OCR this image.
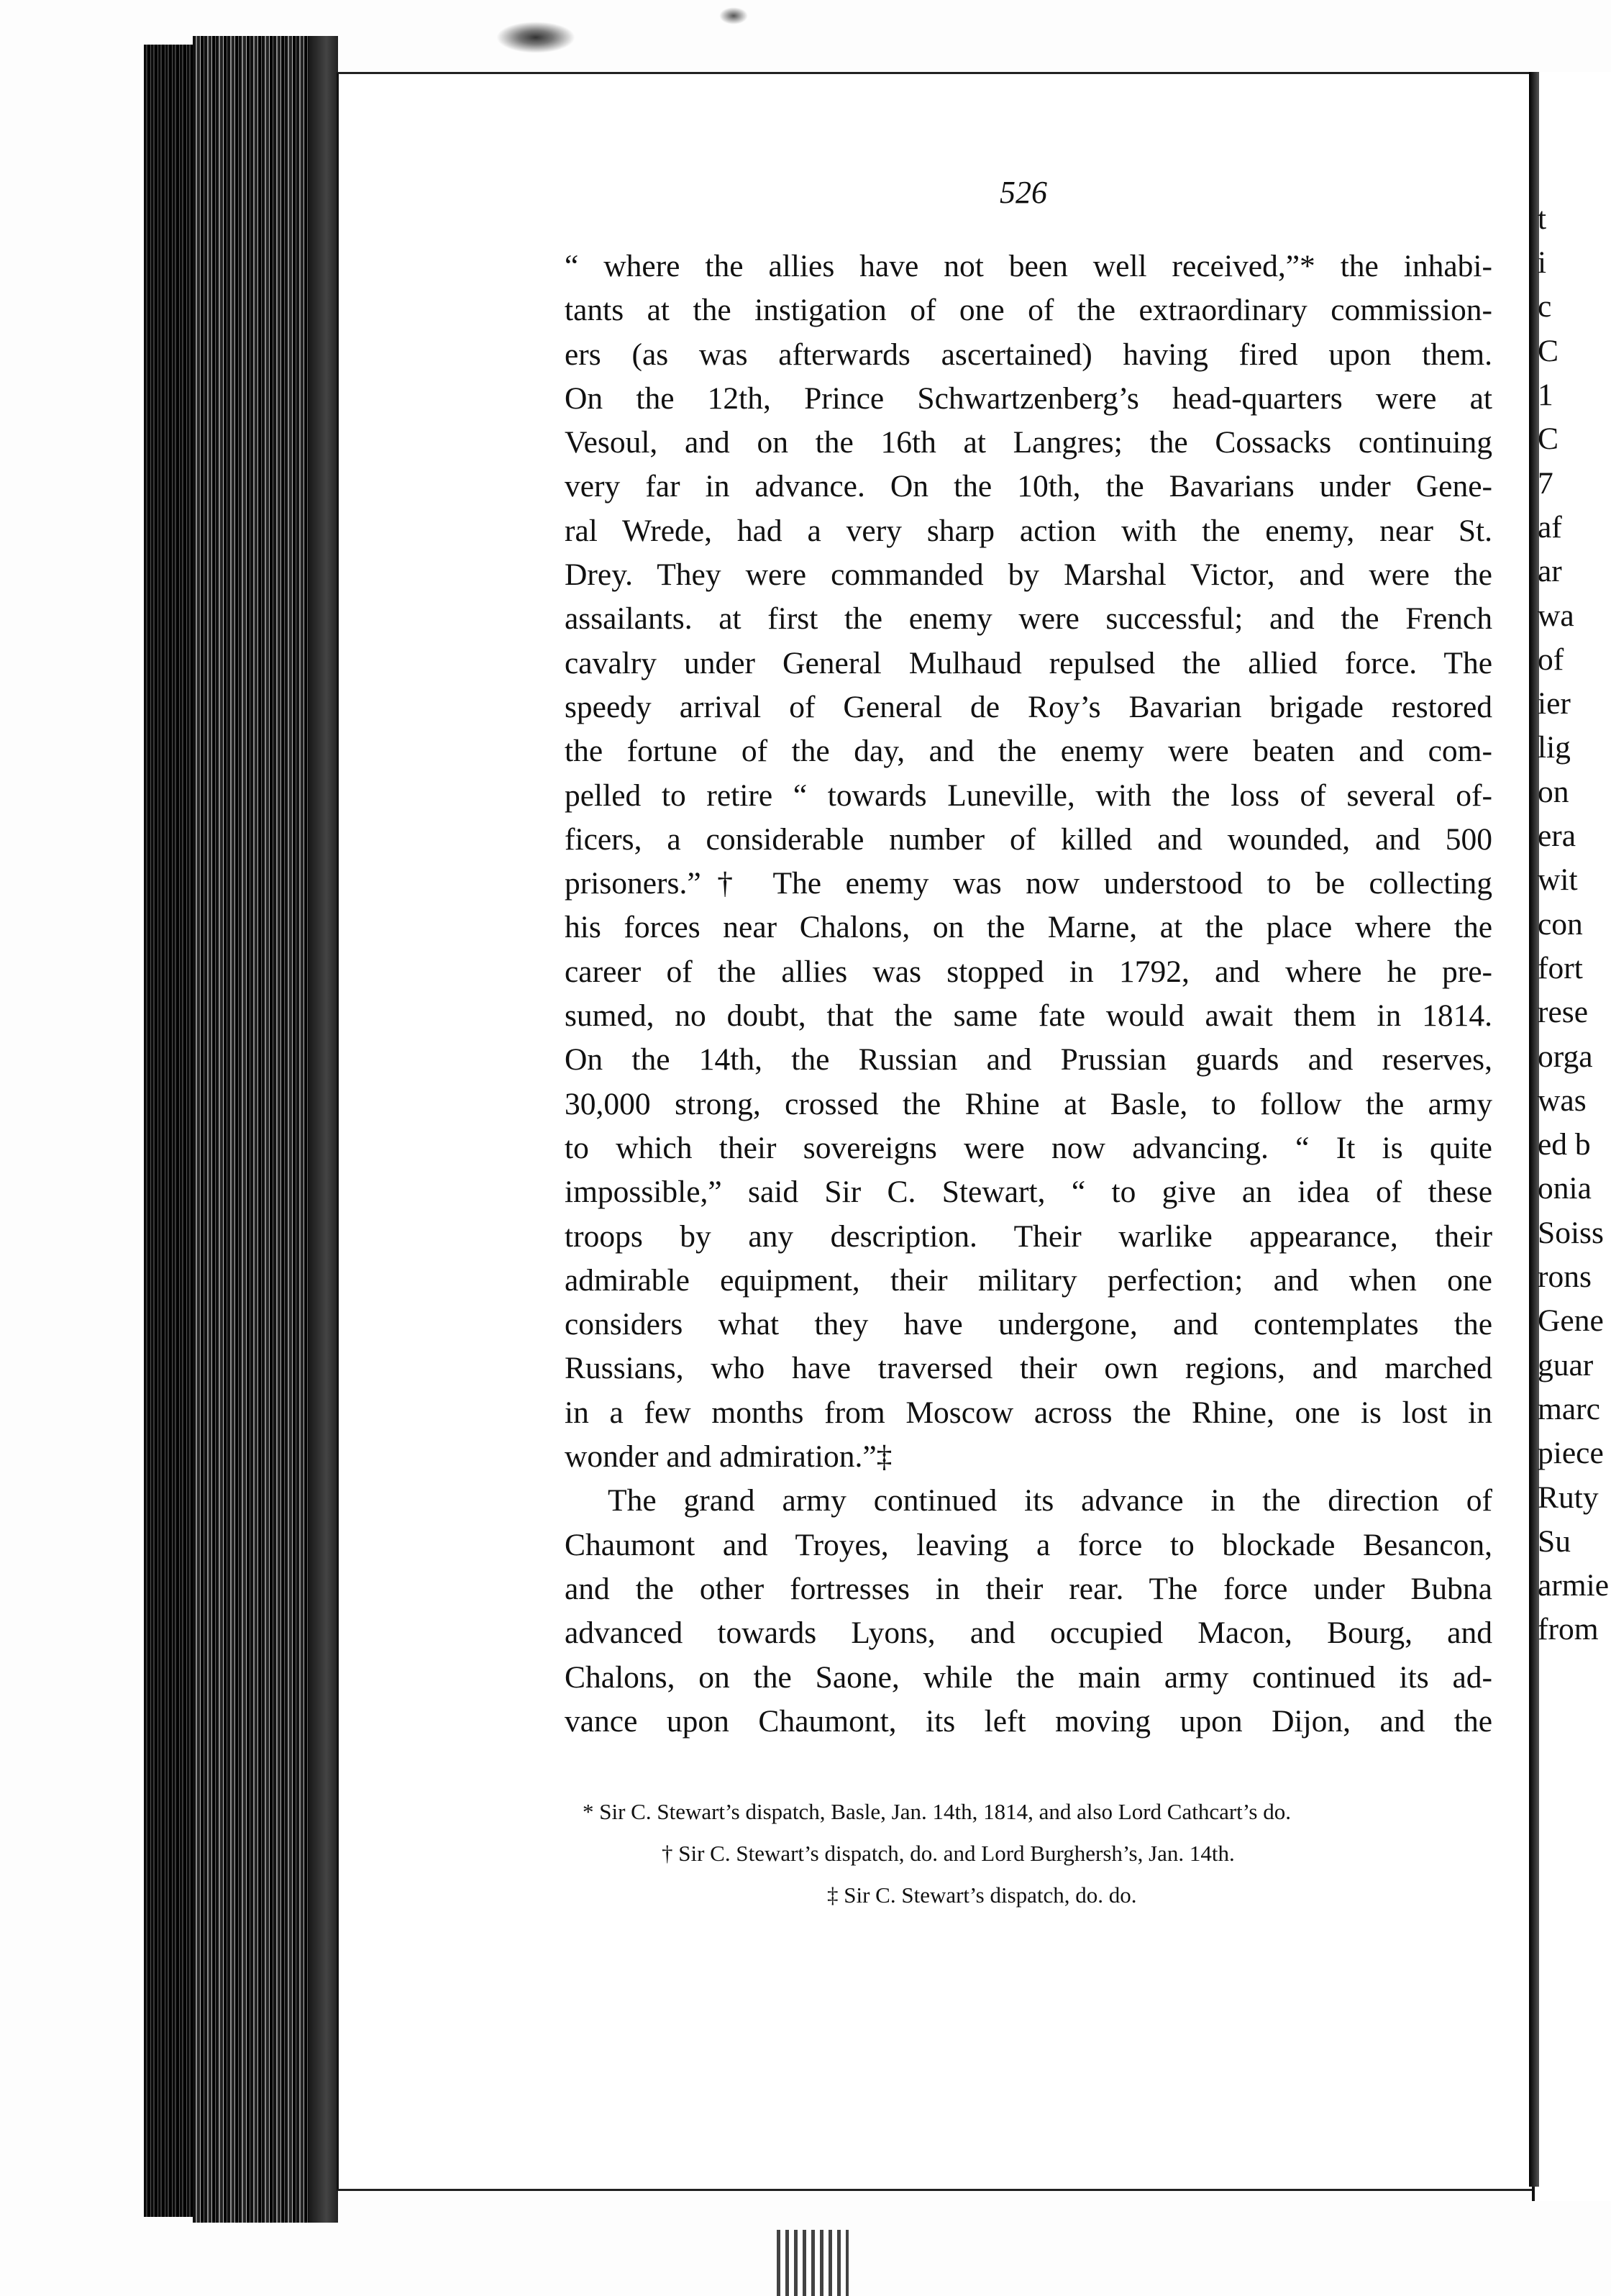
526
“ where the allies have not been well received,”* the inhabi-
tants at the instigation of one of the extraordinary commission-
ers (as was afterwards ascertained) having fired upon them.
On the 12th, Prince Schwartzenberg’s head-quarters were at
Vesoul, and on the 16th at Langres; the Cossacks continuing
very far in advance. On the 10th, the Bavarians under Gene-
ral Wrede, had a very sharp action with the enemy, near St.
Drey. They were commanded by Marshal Victor, and were the
assailants. at first the enemy were successful; and the French
cavalry under General Mulhaud repulsed the allied force. The
speedy arrival of General de Roy’s Bavarian brigade restored
the fortune of the day, and the enemy were beaten and com-
pelled to retire “ towards Luneville, with the loss of several of-
ficers, a considerable number of killed and wounded, and 500
prisoners.”† The enemy was now understood to be collecting
his forces near Chalons, on the Marne, at the place where the
career of the allies was stopped in 1792, and where he pre-
sumed, no doubt, that the same fate would await them in 1814.
On the 14th, the Russian and Prussian guards and reserves,
30,000 strong, crossed the Rhine at Basle, to follow the army
to which their sovereigns were now advancing. “ It is quite
impossible,” said Sir C. Stewart, “ to give an idea of these
troops by any description. Their warlike appearance, their
admirable equipment, their military perfection; and when one
considers what they have undergone, and contemplates the
Russians, who have traversed their own regions, and marched
in a few months from Moscow across the Rhine, one is lost in
wonder and admiration.”‡
The grand army continued its advance in the direction of
Chaumont and Troyes, leaving a force to blockade Besancon,
and the other fortresses in their rear. The force under Bubna
advanced towards Lyons, and occupied Macon, Bourg, and
Chalons, on the Saone, while the main army continued its ad-
vance upon Chaumont, its left moving upon Dijon, and the
* Sir C. Stewart’s dispatch, Basle, Jan. 14th, 1814, and also Lord Cathcart’s do.
† Sir C. Stewart’s dispatch, do. and Lord Burghersh’s, Jan. 14th.
‡ Sir C. Stewart’s dispatch, do. do.
t
i
c
C
1
C
7
af
ar
wa
of
ier
lig
on
era
wit
con
fort
rese
orga
was
ed b
onia
Soiss
rons
Gene
guar
marc
piece
Ruty
Su
armie
from
